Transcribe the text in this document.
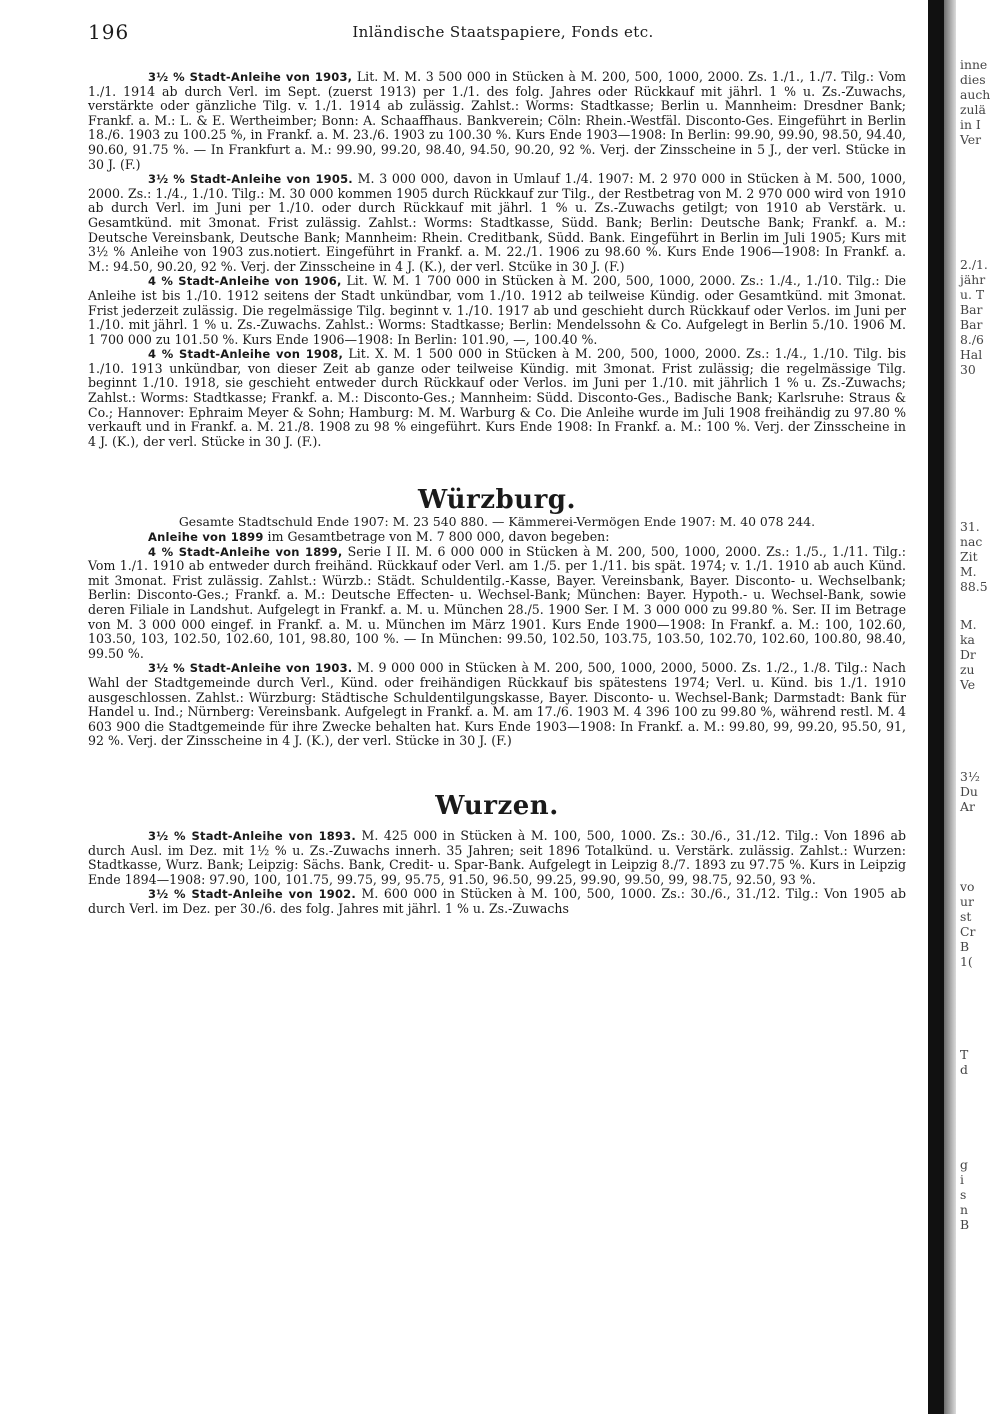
196	Inländische Staatspapiere, Fonds etc.

3½ % Stadt-Anleihe von 1903, Lit. M. M. 3 500 000 in Stücken à M. 200, 500, 1000, 2000. Zs. 1./1., 1./7. Tilg.: Vom 1./1. 1914 ab durch Verl. im Sept. (zuerst 1913) per 1./1. des folg. Jahres oder Rückkauf mit jährl. 1 % u. Zs.-Zuwachs, verstärkte oder gänzliche Tilg. v. 1./1. 1914 ab zulässig. Zahlst.: Worms: Stadtkasse; Berlin u. Mannheim: Dresdner Bank; Frankf. a. M.: L. & E. Wertheimber; Bonn: A. Schaaffhaus. Bankverein; Cöln: Rhein.-Westfäl. Disconto-Ges. Eingeführt in Berlin 18./6. 1903 zu 100.25 %, in Frankf. a. M. 23./6. 1903 zu 100.30 %. Kurs Ende 1903—1908: In Berlin: 99.90, 99.90, 98.50, 94.40, 90.60, 91.75 %. — In Frankfurt a. M.: 99.90, 99.20, 98.40, 94.50, 90.20, 92 %. Verj. der Zinsscheine in 5 J., der verl. Stücke in 30 J. (F.)

3½ % Stadt-Anleihe von 1905. M. 3 000 000, davon in Umlauf 1./4. 1907: M. 2 970 000 in Stücken à M. 500, 1000, 2000. Zs.: 1./4., 1./10. Tilg.: M. 30 000 kommen 1905 durch Rückkauf zur Tilg., der Restbetrag von M. 2 970 000 wird von 1910 ab durch Verl. im Juni per 1./10. oder durch Rückkauf mit jährl. 1 % u. Zs.-Zuwachs getilgt; von 1910 ab Verstärk. u. Gesamtkünd. mit 3monat. Frist zulässig. Zahlst.: Worms: Stadtkasse, Südd. Bank; Berlin: Deutsche Bank; Frankf. a. M.: Deutsche Vereinsbank, Deutsche Bank; Mannheim: Rhein. Creditbank, Südd. Bank. Eingeführt in Berlin im Juli 1905; Kurs mit 3½ % Anleihe von 1903 zus.notiert. Eingeführt in Frankf. a. M. 22./1. 1906 zu 98.60 %. Kurs Ende 1906—1908: In Frankf. a. M.: 94.50, 90.20, 92 %. Verj. der Zinsscheine in 4 J. (K.), der verl. Stcüke in 30 J. (F.)

4 % Stadt-Anleihe von 1906, Lit. W. M. 1 700 000 in Stücken à M. 200, 500, 1000, 2000. Zs.: 1./4., 1./10. Tilg.: Die Anleihe ist bis 1./10. 1912 seitens der Stadt unkündbar, vom 1./10. 1912 ab teilweise Kündig. oder Gesamtkünd. mit 3monat. Frist jederzeit zulässig. Die regelmässige Tilg. beginnt v. 1./10. 1917 ab und geschieht durch Rückkauf oder Verlos. im Juni per 1./10. mit jährl. 1 % u. Zs.-Zuwachs. Zahlst.: Worms: Stadtkasse; Berlin: Mendelssohn & Co. Aufgelegt in Berlin 5./10. 1906 M. 1 700 000 zu 101.50 %. Kurs Ende 1906—1908: In Berlin: 101.90, —, 100.40 %.

4 % Stadt-Anleihe von 1908, Lit. X. M. 1 500 000 in Stücken à M. 200, 500, 1000, 2000. Zs.: 1./4., 1./10. Tilg. bis 1./10. 1913 unkündbar, von dieser Zeit ab ganze oder teilweise Kündig. mit 3monat. Frist zulässig; die regelmässige Tilg. beginnt 1./10. 1918, sie geschieht entweder durch Rückkauf oder Verlos. im Juni per 1./10. mit jährlich 1 % u. Zs.-Zuwachs; Zahlst.: Worms: Stadtkasse; Frankf. a. M.: Disconto-Ges.; Mannheim: Südd. Disconto-Ges., Badische Bank; Karlsruhe: Straus & Co.; Hannover: Ephraim Meyer & Sohn; Hamburg: M. M. Warburg & Co. Die Anleihe wurde im Juli 1908 freihändig zu 97.80 % verkauft und in Frankf. a. M. 21./8. 1908 zu 98 % eingeführt. Kurs Ende 1908: In Frankf. a. M.: 100 %. Verj. der Zinsscheine in 4 J. (K.), der verl. Stücke in 30 J. (F.).

Würzburg.

Gesamte Stadtschuld Ende 1907: M. 23 540 880. — Kämmerei-Vermögen Ende 1907: M. 40 078 244.

Anleihe von 1899 im Gesamtbetrage von M. 7 800 000, davon begeben:

4 % Stadt-Anleihe von 1899, Serie I II. M. 6 000 000 in Stücken à M. 200, 500, 1000, 2000. Zs.: 1./5., 1./11. Tilg.: Vom 1./1. 1910 ab entweder durch freihänd. Rückkauf oder Verl. am 1./5. per 1./11. bis spät. 1974; v. 1./1. 1910 ab auch Künd. mit 3monat. Frist zulässig. Zahlst.: Würzb.: Städt. Schuldentilg.-Kasse, Bayer. Vereinsbank, Bayer. Disconto- u. Wechselbank; Berlin: Disconto-Ges.; Frankf. a. M.: Deutsche Effecten- u. Wechsel-Bank; München: Bayer. Hypoth.- u. Wechsel-Bank, sowie deren Filiale in Landshut. Aufgelegt in Frankf. a. M. u. München 28./5. 1900 Ser. I M. 3 000 000 zu 99.80 %. Ser. II im Betrage von M. 3 000 000 eingef. in Frankf. a. M. u. München im März 1901. Kurs Ende 1900—1908: In Frankf. a. M.: 100, 102.60, 103.50, 103, 102.50, 102.60, 101, 98.80, 100 %. — In München: 99.50, 102.50, 103.75, 103.50, 102.70, 102.60, 100.80, 98.40, 99.50 %.

3½ % Stadt-Anleihe von 1903. M. 9 000 000 in Stücken à M. 200, 500, 1000, 2000, 5000. Zs. 1./2., 1./8. Tilg.: Nach Wahl der Stadtgemeinde durch Verl., Künd. oder freihändigen Rückkauf bis spätestens 1974; Verl. u. Künd. bis 1./1. 1910 ausgeschlossen. Zahlst.: Würzburg: Städtische Schuldentilgungskasse, Bayer. Disconto- u. Wechsel-Bank; Darmstadt: Bank für Handel u. Ind.; Nürnberg: Vereinsbank. Aufgelegt in Frankf. a. M. am 17./6. 1903 M. 4 396 100 zu 99.80 %, während restl. M. 4 603 900 die Stadtgemeinde für ihre Zwecke behalten hat. Kurs Ende 1903—1908: In Frankf. a. M.: 99.80, 99, 99.20, 95.50, 91, 92 %. Verj. der Zinsscheine in 4 J. (K.), der verl. Stücke in 30 J. (F.)

Wurzen.

3½ % Stadt-Anleihe von 1893. M. 425 000 in Stücken à M. 100, 500, 1000. Zs.: 30./6., 31./12. Tilg.: Von 1896 ab durch Ausl. im Dez. mit 1½ % u. Zs.-Zuwachs innerh. 35 Jahren; seit 1896 Totalkünd. u. Verstärk. zulässig. Zahlst.: Wurzen: Stadtkasse, Wurz. Bank; Leipzig: Sächs. Bank, Credit- u. Spar-Bank. Aufgelegt in Leipzig 8./7. 1893 zu 97.75 %. Kurs in Leipzig Ende 1894—1908: 97.90, 100, 101.75, 99.75, 99, 95.75, 91.50, 96.50, 99.25, 99.90, 99.50, 99, 98.75, 92.50, 93 %.

3½ % Stadt-Anleihe von 1902. M. 600 000 in Stücken à M. 100, 500, 1000. Zs.: 30./6., 31./12. Tilg.: Von 1905 ab durch Verl. im Dez. per 30./6. des folg. Jahres mit jährl. 1 % u. Zs.-Zuwachs

inne
dies
auch
zulä
in I
Ver
2./1.
jähr
u. T
Bar
Bar
8./6
Hal
30
31.
nac
Zit
M.
88.5
M.
ka
Dr
zu
Ve
3½
Du
Ar
vo
ur
st
Cr
B
1(
T
d
g
i
s
n
B
